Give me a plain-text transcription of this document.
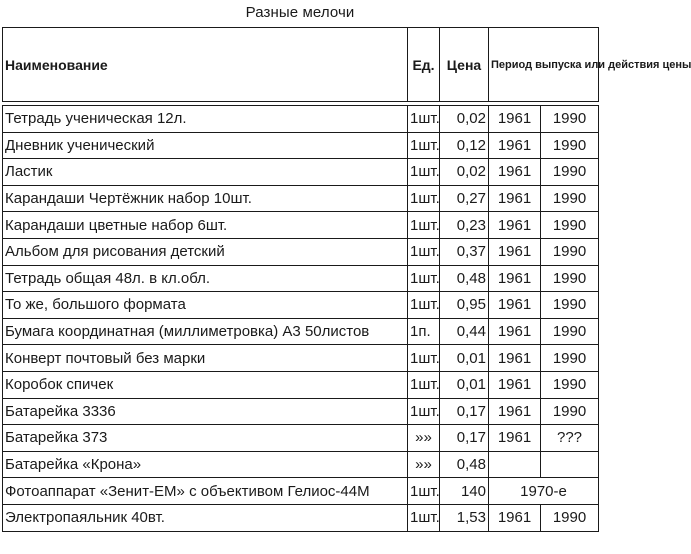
Разные мелочи
Наименование	Ед.	Цена	Период выпуска или действия цены	

Тетрадь ученическая 12л.	1шт.	0,02	1961	1990
Дневник ученический	1шт.	0,12	1961	1990
Ластик	1шт.	0,02	1961	1990
Карандаши Чертёжник набор 10шт.	1шт.	0,27	1961	1990
Карандаши цветные набор 6шт.	1шт.	0,23	1961	1990
Альбом для рисования детский	1шт.	0,37	1961	1990
Тетрадь общая 48л. в кл.обл.	1шт.	0,48	1961	1990
То же, большого формата	1шт.	0,95	1961	1990
Бумага координатная (миллиметровка) А3 50листов	1п.	0,44	1961	1990
Конверт почтовый без марки	1шт.	0,01	1961	1990
Коробок спичек	1шт.	0,01	1961	1990
Батарейка 3336	1шт.	0,17	1961	1990
Батарейка 373	»»	0,17	1961	???
Батарейка «Крона»	»»	0,48		
Фотоаппарат «Зенит-ЕМ» с объективом Гелиос-44М	1шт.	140	1970-е	
Электропаяльник 40вт.	1шт.	1,53	1961	1990
